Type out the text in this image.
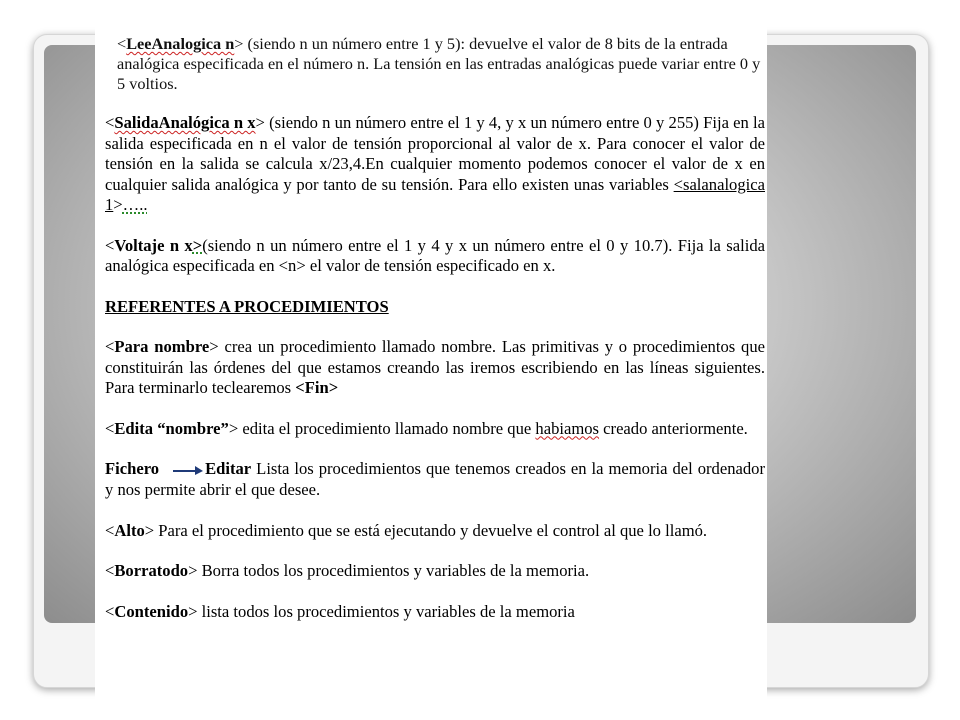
<LeeAnalogica n> (siendo n un número entre 1 y 5): devuelve el valor de 8 bits de la entrada analógica especificada en el número n. La tensión en las entradas analógicas puede variar entre 0 y 5 voltios.

<SalidaAnalógica n x> (siendo n un número entre el 1 y 4, y x un número entre 0 y 255) Fija en la salida especificada en n el valor de tensión proporcional al valor de x. Para conocer el valor de tensión en la salida se calcula x/23,4.En cualquier momento podemos conocer el valor de x en cualquier salida analógica y por tanto de su tensión. Para ello existen unas variables <salanalogica 1>…..
<Voltaje n x>(siendo n un número entre el 1 y 4 y x un número entre el 0 y 10.7). Fija la salida analógica especificada en <n> el valor de tensión especificado en x.
REFERENTES A PROCEDIMIENTOS
<Para nombre> crea un procedimiento llamado nombre. Las primitivas y o procedimientos que constituirán las órdenes del que estamos creando las iremos escribiendo en las líneas siguientes. Para terminarlo teclearemos <Fin>
<Edita “nombre”> edita el procedimiento llamado nombre que habiamos creado anteriormente.
Fichero	Editar Lista los procedimientos que tenemos creados en la memoria del ordenador y nos permite abrir el que desee.
<Alto> Para el procedimiento que se está ejecutando y devuelve el control al que lo llamó.
<Borratodo> Borra todos los procedimientos y variables de la memoria.
<Contenido> lista todos los procedimientos y variables de la memoria
